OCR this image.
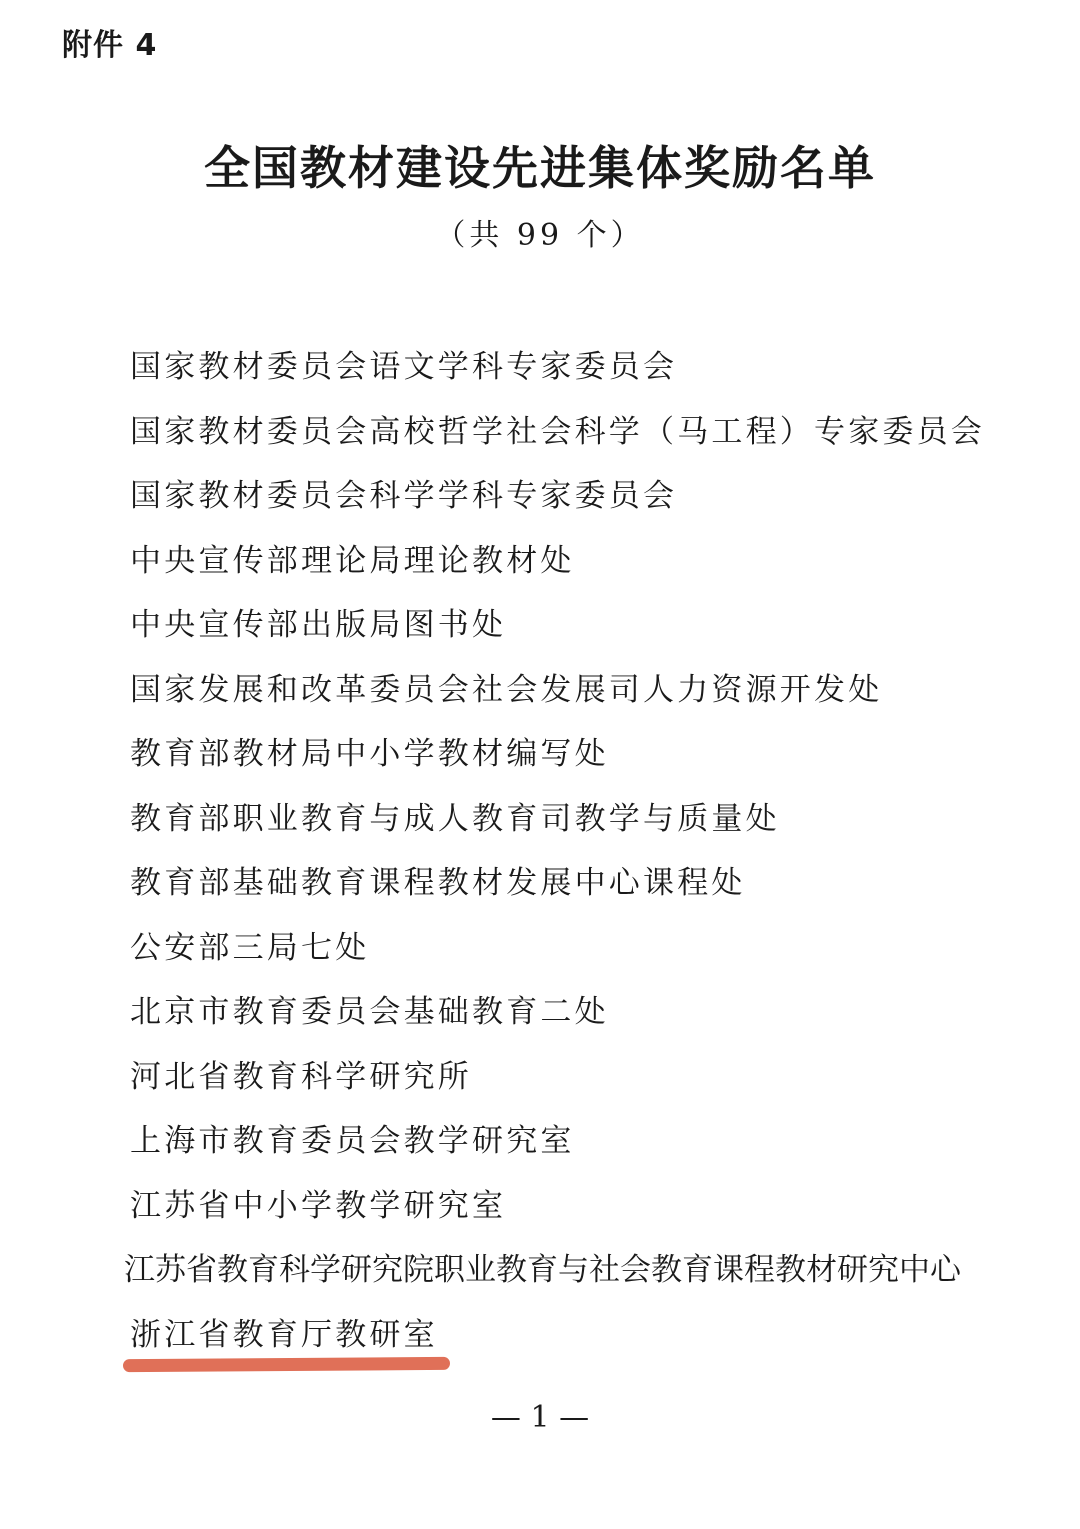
附件 4
全国教材建设先进集体奖励名单
（共 99 个）
国家教材委员会语文学科专家委员会
国家教材委员会高校哲学社会科学（马工程）专家委员会
国家教材委员会科学学科专家委员会
中央宣传部理论局理论教材处
中央宣传部出版局图书处
国家发展和改革委员会社会发展司人力资源开发处
教育部教材局中小学教材编写处
教育部职业教育与成人教育司教学与质量处
教育部基础教育课程教材发展中心课程处
公安部三局七处
北京市教育委员会基础教育二处
河北省教育科学研究所
上海市教育委员会教学研究室
江苏省中小学教学研究室
江苏省教育科学研究院职业教育与社会教育课程教材研究中心
浙江省教育厅教研室
— 1 —
